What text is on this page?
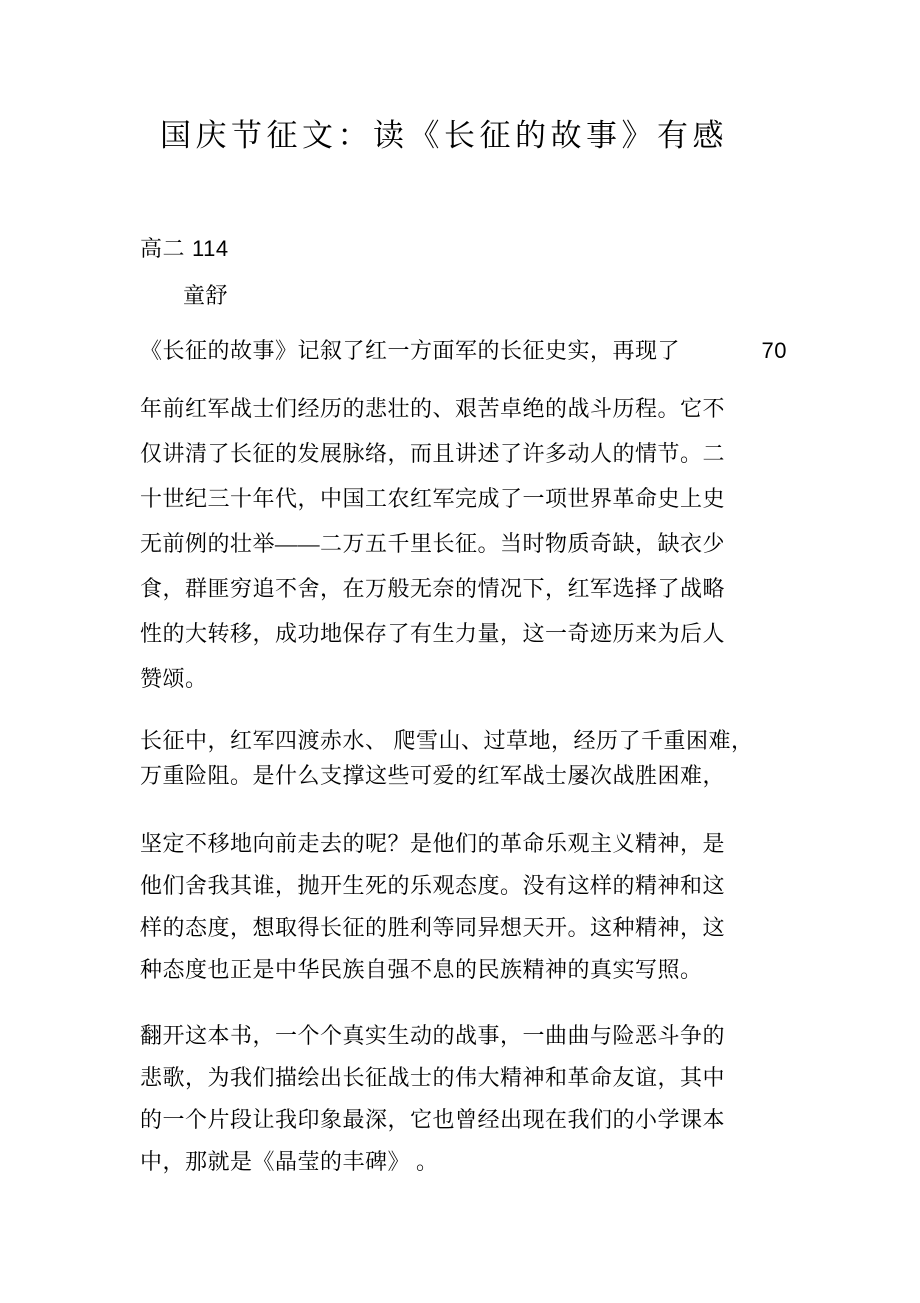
国庆节征文：读《长征的故事》有感
高二 114
童舒
《长征的故事》记叙了红一方面军的长征史实，再现了	70
年前红军战士们经历的悲壮的、艰苦卓绝的战斗历程。它不
仅讲清了长征的发展脉络，而且讲述了许多动人的情节。二
十世纪三十年代，中国工农红军完成了一项世界革命史上史
无前例的壮举——二万五千里长征。当时物质奇缺，缺衣少
食，群匪穷追不舍，在万般无奈的情况下，红军选择了战略
性的大转移，成功地保存了有生力量，这一奇迹历来为后人
赞颂。
长征中，红军四渡赤水、 爬雪山、过草地，经历了千重困难，
万重险阻。是什么支撑这些可爱的红军战士屡次战胜困难，
坚定不移地向前走去的呢？是他们的革命乐观主义精神，是
他们舍我其谁，抛开生死的乐观态度。没有这样的精神和这
样的态度，想取得长征的胜利等同异想天开。这种精神，这
种态度也正是中华民族自强不息的民族精神的真实写照。
翻开这本书，一个个真实生动的战事，一曲曲与险恶斗争的
悲歌，为我们描绘出长征战士的伟大精神和革命友谊，其中
的一个片段让我印象最深，它也曾经出现在我们的小学课本
中，那就是《晶莹的丰碑》 。
